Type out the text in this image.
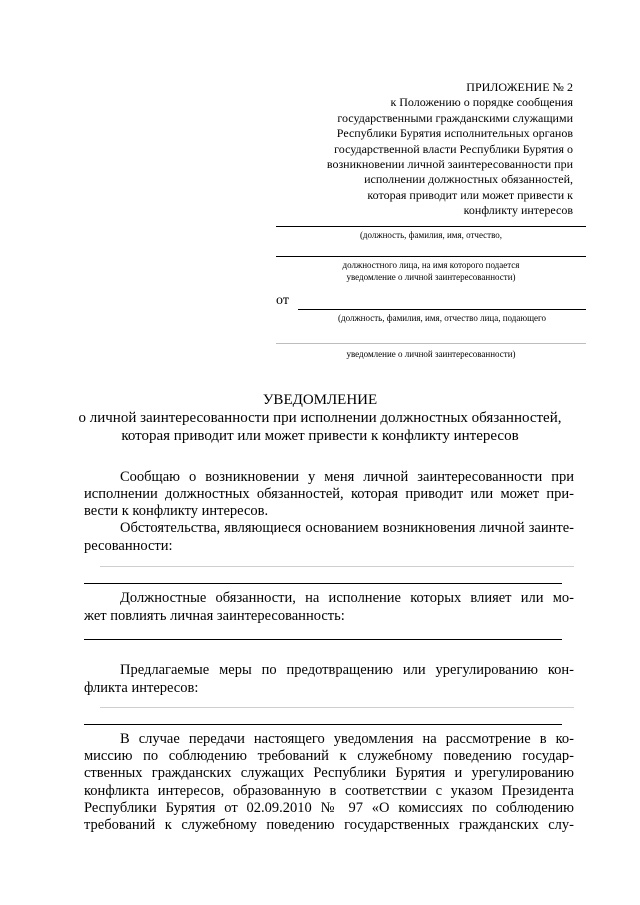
ПРИЛОЖЕНИЕ № 2
к Положению о порядке сообщения
государственными гражданскими служащими
Республики Бурятия исполнительных органов
государственной власти Республики Бурятия о
возникновении личной заинтересованности при
исполнении должностных обязанностей,
которая приводит или может привести к
конфликту интересов
(должность, фамилия, имя, отчество,
должностного лица, на имя которого подается
уведомление о личной заинтересованности)
от
(должность, фамилия, имя, отчество лица, подающего
уведомление о личной заинтересованности)
УВЕДОМЛЕНИЕ
о личной заинтересованности при исполнении должностных обязанностей,
которая приводит или может привести к конфликту интересов
Сообщаю о возникновении у меня личной заинтересованности при
исполнении должностных обязанностей, которая приводит или может при-
вести к конфликту интересов.
Обстоятельства, являющиеся основанием возникновения личной заинте-
ресованности:
Должностные обязанности, на исполнение которых влияет или мо-
жет повлиять личная заинтересованность:
Предлагаемые меры по предотвращению или урегулированию кон-
фликта интересов:
В случае передачи настоящего уведомления на рассмотрение в ко-
миссию по соблюдению требований к служебному поведению государ-
ственных гражданских служащих Республики Бурятия и урегулированию
конфликта интересов, образованную в соответствии с указом Президента
Республики Бурятия от 02.09.2010 № 97 «О комиссиях по соблюдению
требований к служебному поведению государственных гражданских слу-
